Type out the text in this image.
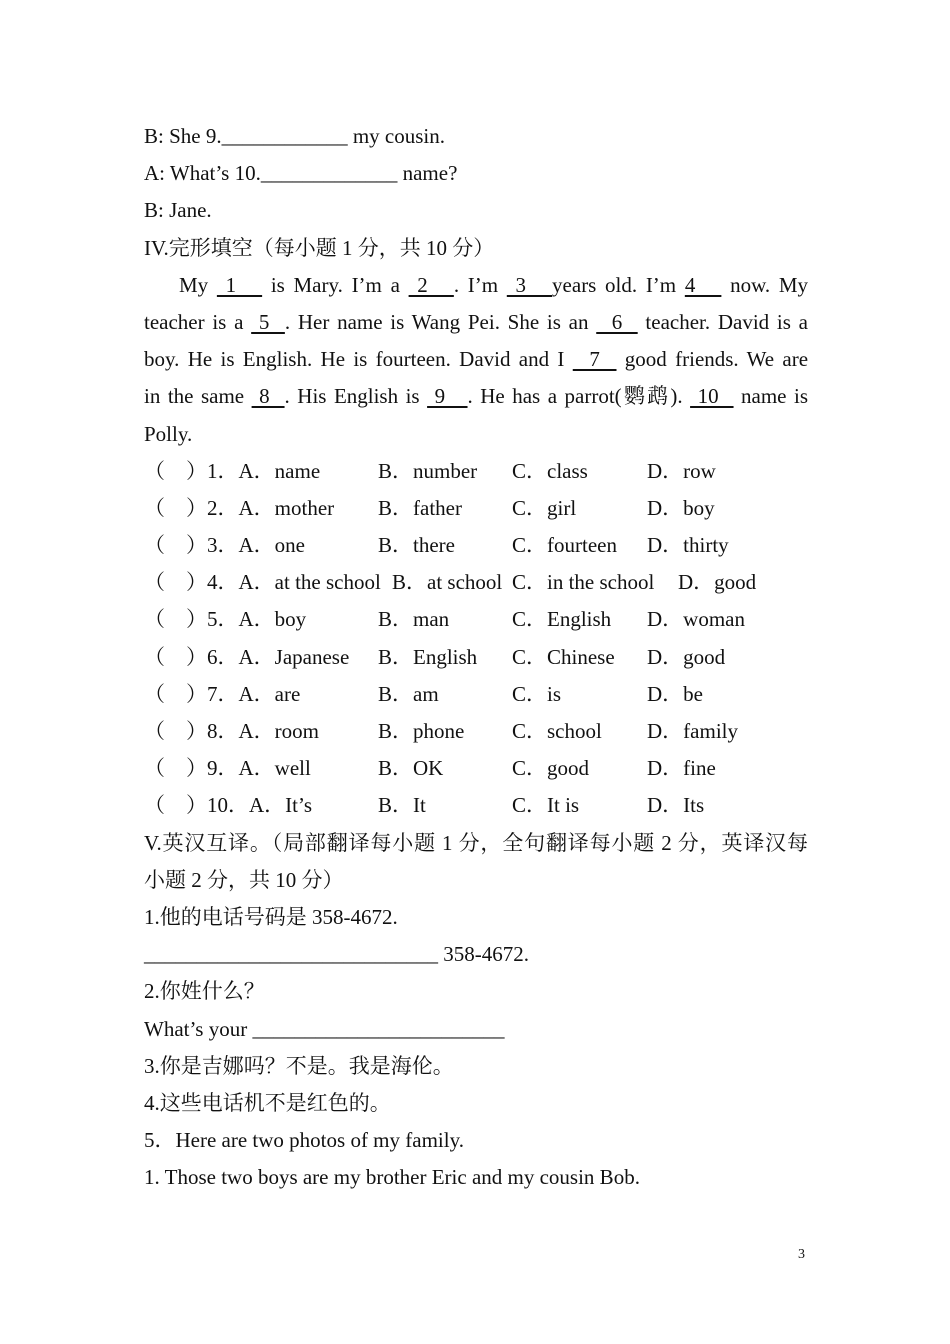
B: She 9.____________ my cousin.
A: What’s 10._____________ name?
B: Jane.
IV.完形填空（每小题 1 分，共 10 分）
My  1    is Mary. I’m a  2   . I’m  3   years old. I’m 4    now. My
teacher is a  5  . Her name is Wang Pei. She is an   6   teacher. David is a
boy. He is English. He is fourteen. David and I   7   good friends. We are
in the same  8  . His English is  9   . He has a parrot(鹦鹉).  10   name is
Polly.
（　）1．A．name	B．number C．class	D．row
（　）2．A．mother B．father C．girl	D．boy
（　）3．A．one	B．there	C．fourteen D．thirty
（　）4．A．at the school B．at school C．in the school D．good
（　）5．A．boy	B．man	C．English D．woman
（　）6．A．Japanese B．English C．Chinese D．good
（　）7．A．are	B．am	C．is	D．be
（　）8．A．room	B．phone C．school D．family
（　）9．A．well	B．OK	C．good	D．fine
（　）10．A．It’s	B．It	C．It is	D．Its
V.英汉互译。（局部翻译每小题 1 分，全句翻译每小题 2 分，英译汉每
小题 2 分，共 10 分）
1.他的电话号码是 358-4672.
____________________________ 358-4672.
2.你姓什么？
What’s your ________________________
3.你是吉娜吗？不是。我是海伦。
4.这些电话机不是红色的。
5．Here are two photos of my family.
1. Those two boys are my brother Eric and my cousin Bob.
3
